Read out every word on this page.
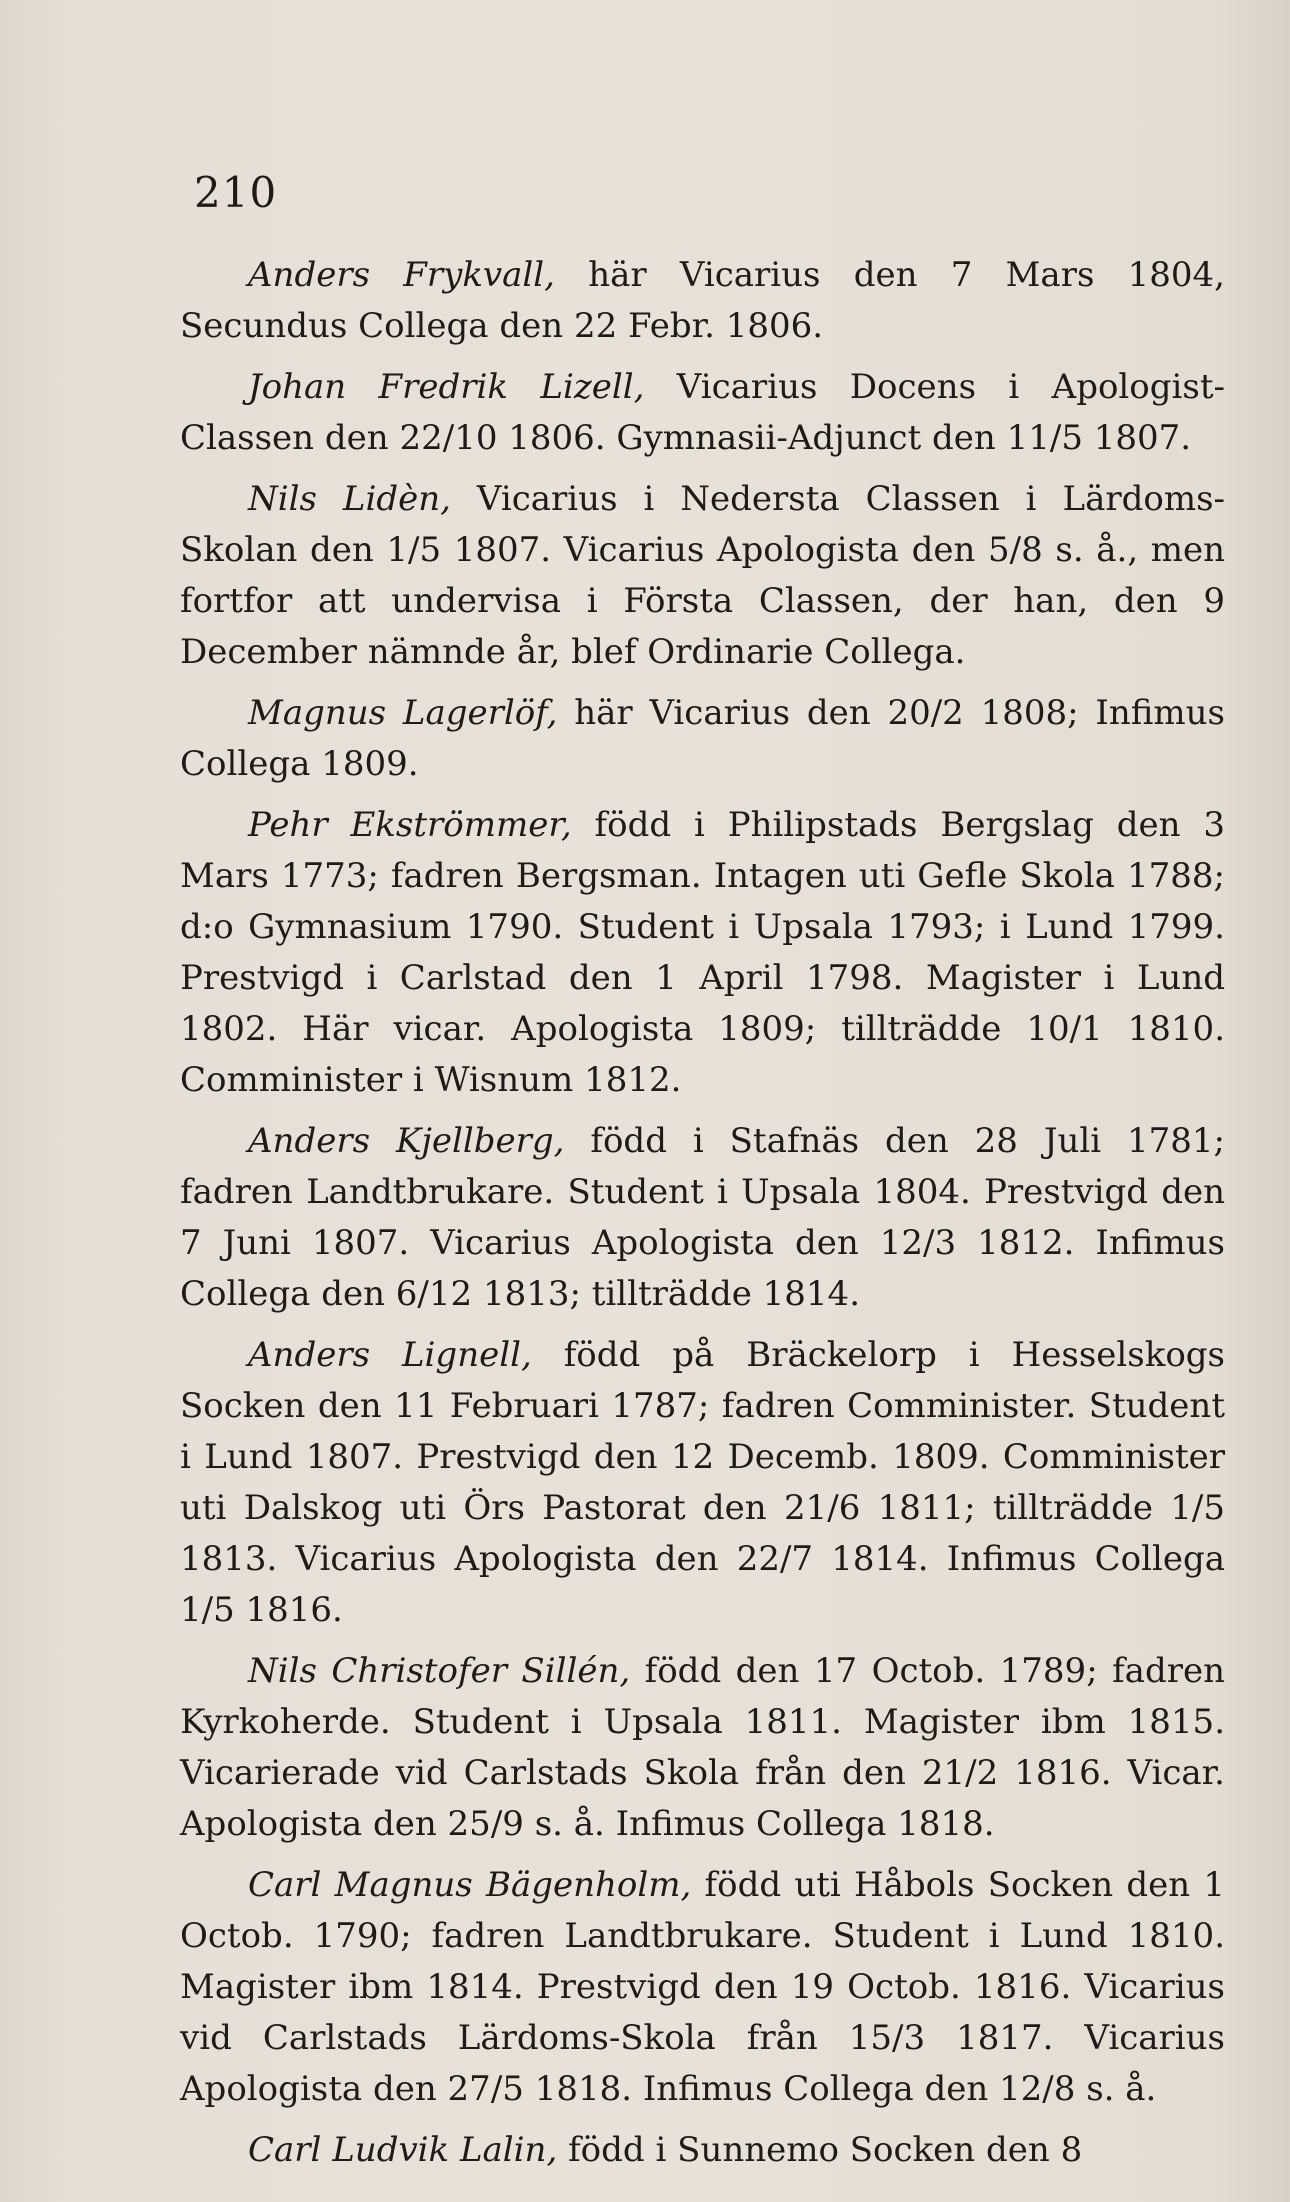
210

Anders Fryk​vall, här Vicarius den 7 Mars 1804, Secundus Collega den 22 Febr. 1806.

Johan Fredrik Lizell, Vicarius Docens i Apologist-Classen den 22/10 1806. Gymnasii-Adjunct den 11/5 1807.

Nils Lidèn, Vicarius i Nedersta Classen i Lärdoms-Skolan den 1/5 1807. Vicarius Apologista den 5/8 s. å., men fortfor att undervisa i Första Classen, der han, den 9 December nämnde år, blef Ordinarie Collega.

Magnus Lagerlöf, här Vicarius den 20/2 1808; Infimus Collega 1809.

Pehr Ekströmmer, född i Philipstads Bergslag den 3 Mars 1773; fadren Bergsman. Intagen uti Gefle Skola 1788; d:o Gymnasium 1790. Student i Upsala 1793; i Lund 1799. Prestvigd i Carlstad den 1 April 1798. Magister i Lund 1802. Här vicar. Apologista 1809; tillträdde 10/1 1810. Comminister i Wisnum 1812.

Anders Kjellberg, född i Stafnäs den 28 Juli 1781; fadren Landtbrukare. Student i Upsala 1804. Prestvigd den 7 Juni 1807. Vicarius Apologista den 12/3 1812. Infimus Collega den 6/12 1813; tillträdde 1814.

Anders Lignell, född på Bräckelorp i Hesselskogs Socken den 11 Februari 1787; fadren Comminister. Student i Lund 1807. Prestvigd den 12 Decemb. 1809. Comminister uti Dalskog uti Örs Pastorat den 21/6 1811; tillträdde 1/5 1813. Vicarius Apologista den 22/7 1814. Infimus Collega 1/5 1816.

Nils Christofer Sillén, född den 17 Octob. 1789; fadren Kyrkoherde. Student i Upsala 1811. Magister ibm 1815. Vicarierade vid Carlstads Skola från den 21/2 1816. Vicar. Apologista den 25/9 s. å. Infimus Collega 1818.

Carl Magnus Bägenholm, född uti Håbols Socken den 1 Octob. 1790; fadren Landtbrukare. Student i Lund 1810. Magister ibm 1814. Prestvigd den 19 Octob. 1816. Vicarius vid Carlstads Lärdoms-Skola från 15/3 1817. Vicarius Apologista den 27/5 1818. Infimus Collega den 12/8 s. å.

Carl Ludvik Lalin, född i Sunnemo Socken den 8
